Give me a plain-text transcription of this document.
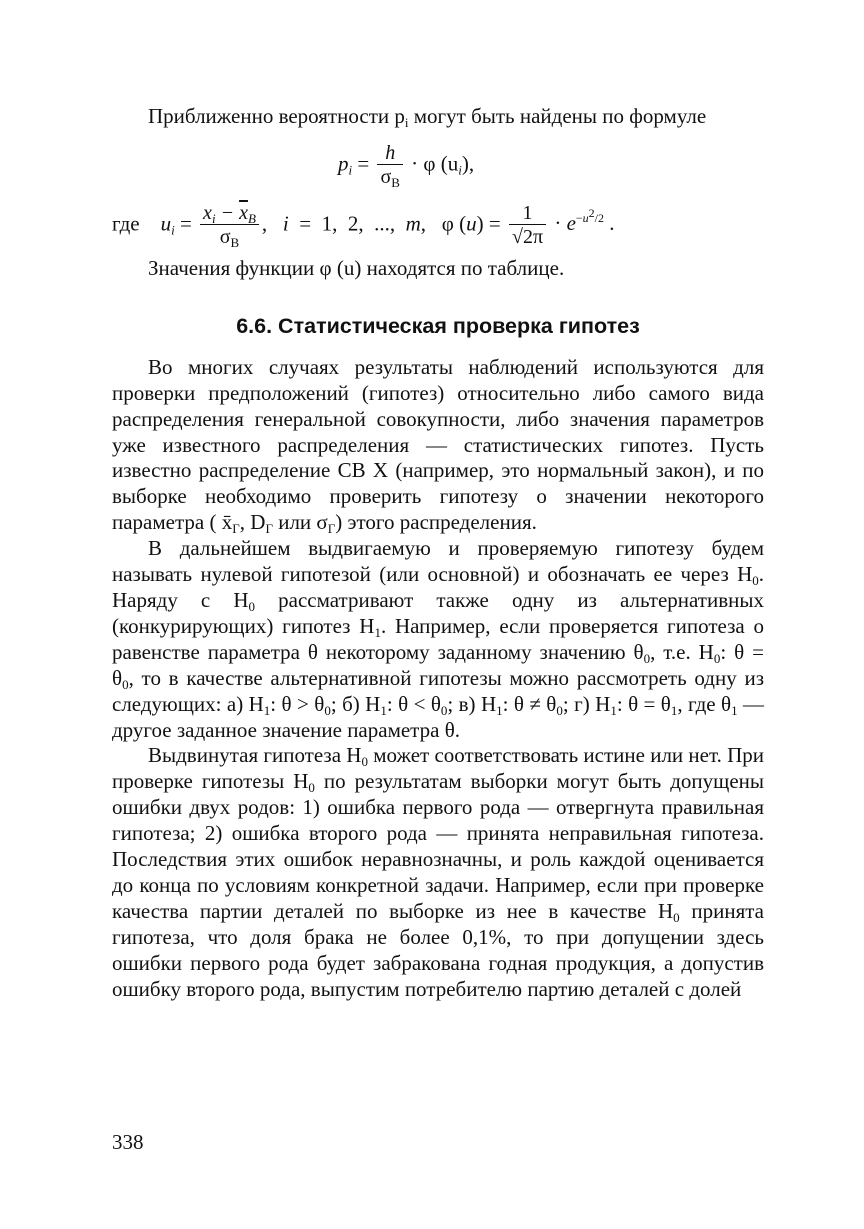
Приближенно вероятности $p_i$ могут быть найдены по формуле

$p_i = \frac{h}{\sigma_В} \cdot \varphi$ $(u_i)$,
где $u_i = \frac{x_i - \overline{x}_В}{\sigma_В}$ ,   i  =  1,  2,  ...,  m,   φ $(u) = \frac{1}{√2\pi} \cdot e^{-u^2/2}$ .

Значения функции φ (u) находятся по таблице.

6.6. Статистическая проверка гипотез

Во многих случаях результаты наблюдений используются для проверки предположений (гипотез) относительно либо самого вида распределения генеральной совокупности, либо значения параметров уже известного распределения — статистических гипотез. Пусть известно распределение СВ X (например, это нормальный закон), и по выборке необходимо проверить гипотезу о значении некоторого параметра ( $x̄_Г$, $D_Г$ или $\sigma_Г$) этого распределения.

В дальнейшем выдвигаемую и проверяемую гипотезу будем называть нулевой гипотезой (или основной) и обозначать ее через $H_0$. Наряду с $H_0$ рассматривают также одну из альтернативных (конкурирующих) гипотез $H_1$. Например, если проверяется гипотеза о равенстве параметра θ некоторому заданному значению $\theta_0$, т.е. $H_0$: $\theta = \theta_0$, то в качестве альтернативной гипотезы можно рассмотреть одну из следующих: а) $H_1$: $\theta > \theta_0$; б) $H_1$: $\theta < \theta_0$; в) $H_1$: $\theta \ne \theta_0$; г) $H_1$: $\theta = \theta_1$, где $\theta_1$ — другое заданное значение параметра θ.

Выдвинутая гипотеза $H_0$ может соответствовать истине или нет. При проверке гипотезы $H_0$ по результатам выборки могут быть допущены ошибки двух родов: 1) ошибка первого рода — отвергнута правильная гипотеза; 2) ошибка второго рода — принята неправильная гипотеза. Последствия этих ошибок неравнозначны, и роль каждой оценивается до конца по условиям конкретной задачи. Например, если при проверке качества партии деталей по выборке из нее в качестве $H_0$ принята гипотеза, что доля брака не более 0,1%, то при допущении здесь ошибки первого рода будет забракована годная продукция, а допустив ошибку второго рода, выпустим потребителю партию деталей с долей

338
